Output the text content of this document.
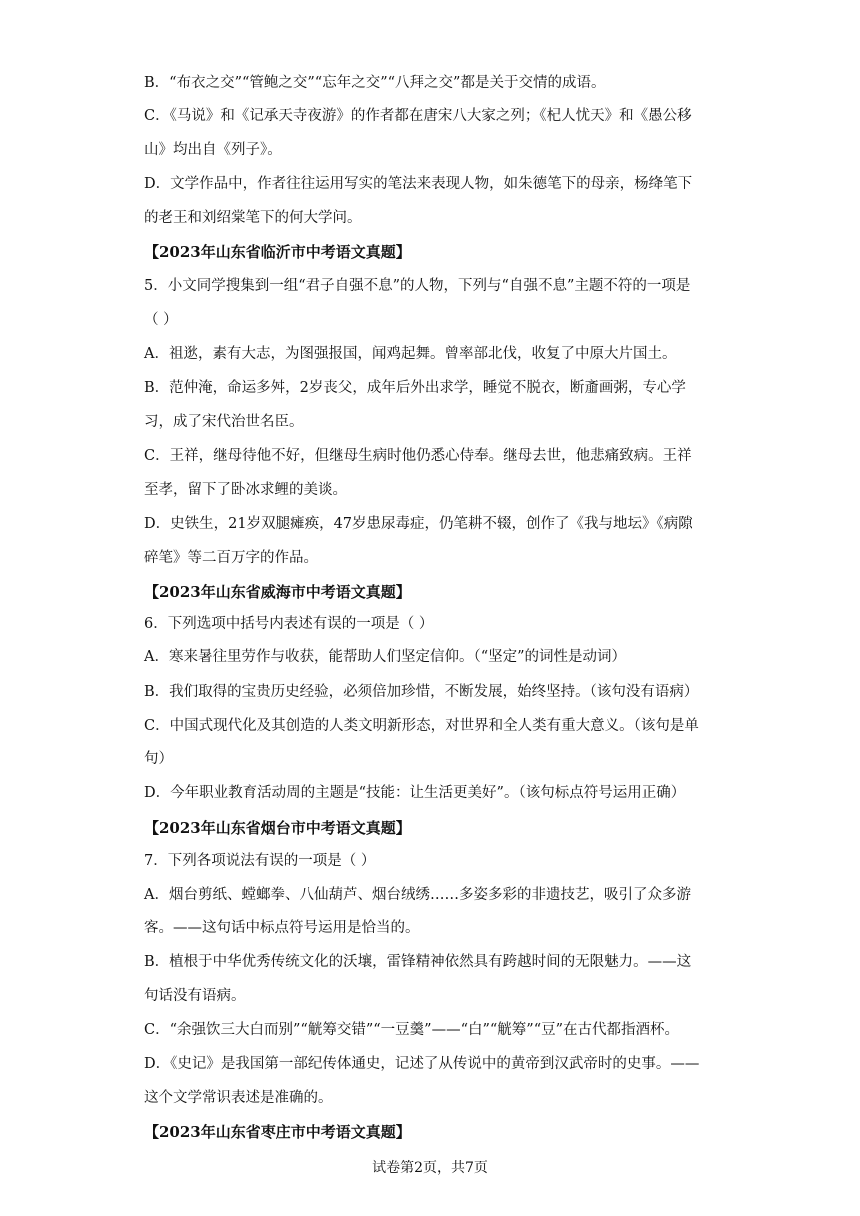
B．“布衣之交”“管鲍之交”“忘年之交”“八拜之交”都是关于交情的成语。
C．《马说》和《记承天寺夜游》的作者都在唐宋八大家之列；《杞人忧天》和《愚公移
山》均出自《列子》。
D．文学作品中，作者往往运用写实的笔法来表现人物，如朱德笔下的母亲，杨绛笔下
的老王和刘绍棠笔下的何大学问。
【2023年山东省临沂市中考语文真题】
5．小文同学搜集到一组“君子自强不息”的人物，下列与“自强不息”主题不符的一项是
（ ）
A．祖逖，素有大志，为图强报国，闻鸡起舞。曾率部北伐，收复了中原大片国土。
B．范仲淹，命运多舛，2岁丧父，成年后外出求学，睡觉不脱衣，断齑画粥，专心学
习，成了宋代治世名臣。
C．王祥，继母待他不好，但继母生病时他仍悉心侍奉。继母去世，他悲痛致病。王祥
至孝，留下了卧冰求鲤的美谈。
D．史铁生，21岁双腿瘫痪，47岁患尿毒症，仍笔耕不辍，创作了《我与地坛》《病隙
碎笔》等二百万字的作品。
【2023年山东省威海市中考语文真题】
6．下列选项中括号内表述有误的一项是（ ）
A．寒来暑往里劳作与收获，能帮助人们坚定信仰。（“坚定”的词性是动词）
B．我们取得的宝贵历史经验，必须倍加珍惜，不断发展，始终坚持。（该句没有语病）
C．中国式现代化及其创造的人类文明新形态，对世界和全人类有重大意义。（该句是单
句）
D．今年职业教育活动周的主题是“技能：让生活更美好”。（该句标点符号运用正确）
【2023年山东省烟台市中考语文真题】
7．下列各项说法有误的一项是（ ）
A．烟台剪纸、螳螂拳、八仙葫芦、烟台绒绣……多姿多彩的非遗技艺，吸引了众多游
客。——这句话中标点符号运用是恰当的。
B．植根于中华优秀传统文化的沃壤，雷锋精神依然具有跨越时间的无限魅力。——这
句话没有语病。
C．“余强饮三大白而别”“觥筹交错”“一豆羹”——“白”“觥筹”“豆”在古代都指酒杯。
D．《史记》是我国第一部纪传体通史，记述了从传说中的黄帝到汉武帝时的史事。——
这个文学常识表述是准确的。
【2023年山东省枣庄市中考语文真题】
试卷第2页，共7页
